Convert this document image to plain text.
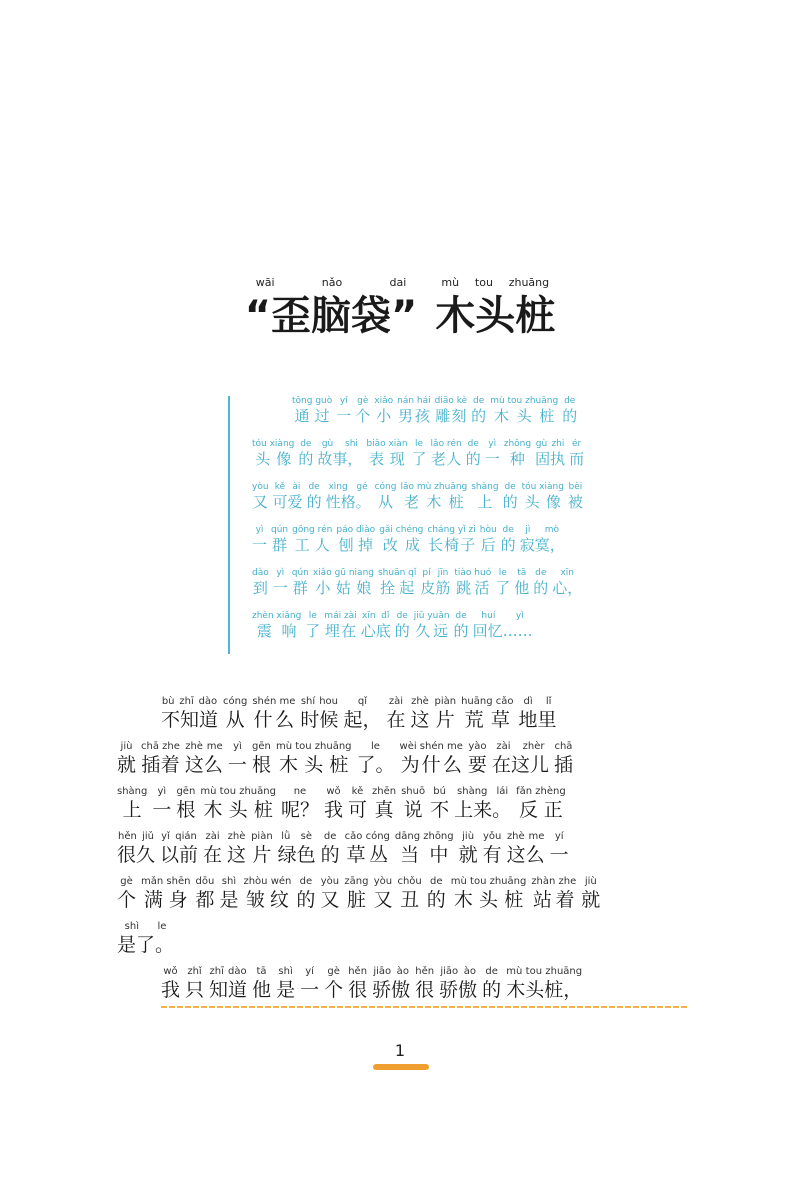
“歪脑袋”wāi nǎo dai木头桩mù tou zhuāng
通过tōng guò一yí个gè小xiǎo男孩nán hái雕刻diāo kè的de木头桩mù tou zhuāng的de
头像tóu xiàng的de故事，gù shi表现biǎo xiàn了le老人lǎo rén的de一yì种zhǒng固执gù zhi而ér
又yòu可爱kě ài的de性格。xìng gé从cóng老木桩lǎo mù zhuāng上shàng的de头像tóu xiàng被bèi
一yì群qún工人gōng rén刨掉páo diào改成gǎi chéng长椅子cháng yǐ zi后hòu的de寂寞，jì mò
到dào一yì群qún小姑娘xiǎo gū niang拴起shuān qǐ皮筋pí jīn跳活tiào huó了le他tā的de心，xīn
震响zhèn xiǎng了le埋在mái zài心底xīn dǐ的de久远jiǔ yuǎn的de回忆……huí yì
不知道bù zhī dào从cóng什么shén me时候shí hou起，qǐ在zài这zhè片piàn荒草huāng cǎo地里dì lǐ
就jiù插着chā zhe这么zhè me一yì根gēn木头桩mù tou zhuāng了。le为什么wèi shén me要yào在这儿zài zhèr插chā
上shàng一yì根gēn木头桩mù tou zhuāng呢？ne我wǒ可kě真zhēn说shuō不bú上来。shàng lái反正fǎn zhèng
很久hěn jiǔ以前yǐ qián在zài这zhè片piàn绿色lǜ sè的de草丛cǎo cóng当中dāng zhōng就jiù有yǒu这么zhè me一yí
个gè满身mǎn shēn都dōu是shì皱纹zhòu wén的de又yòu脏zāng又yòu丑chǒu的de木头桩mù tou zhuāng站着zhàn zhe就jiù
是了。shì le
我wǒ只zhǐ知道zhī dào他tā是shì一yí个gè很hěn骄傲jiāo ào很hěn骄傲jiāo ào的de木头桩，mù tou zhuāng
1
